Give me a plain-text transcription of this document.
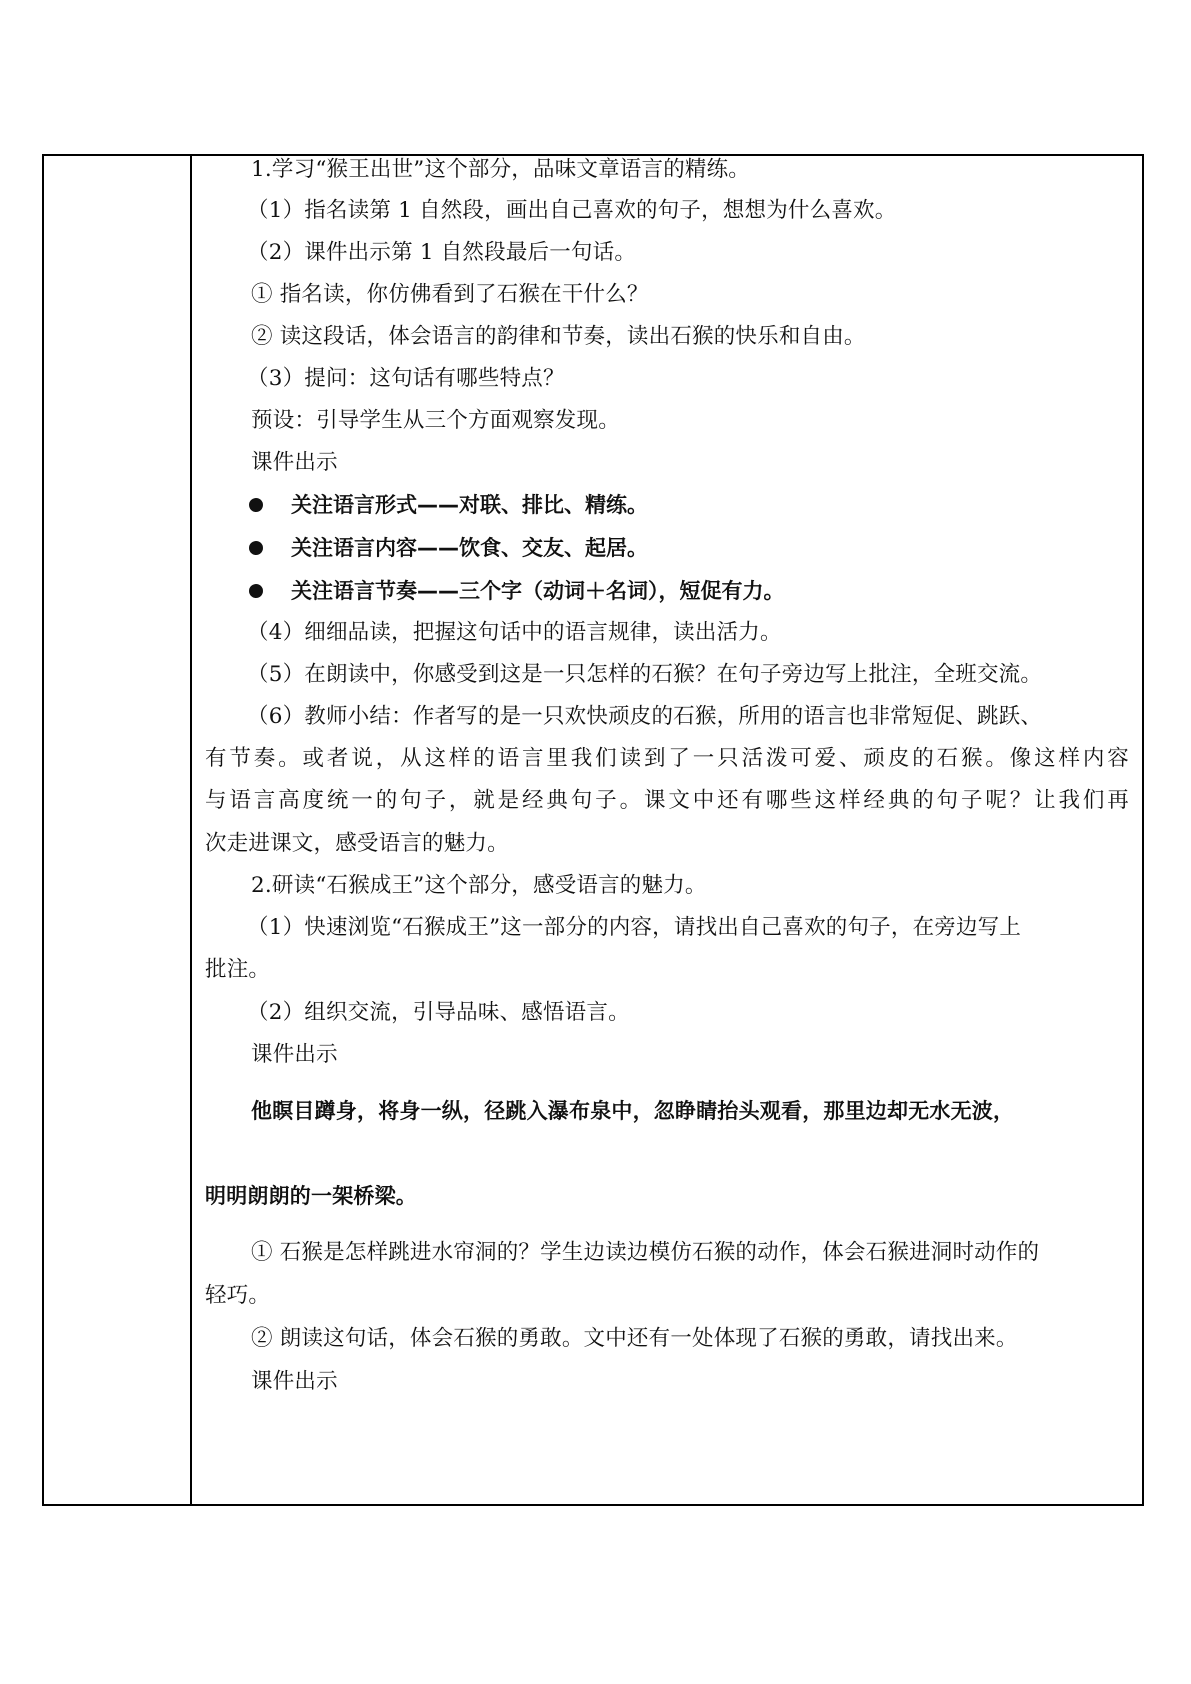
1.学习“猴王出世”这个部分，品味文章语言的精练。
（1）指名读第 1 自然段，画出自己喜欢的句子，想想为什么喜欢。
（2）课件出示第 1 自然段最后一句话。
① 指名读，你仿佛看到了石猴在干什么？
② 读这段话，体会语言的韵律和节奏，读出石猴的快乐和自由。
（3）提问：这句话有哪些特点？
预设：引导学生从三个方面观察发现。
课件出示
关注语言形式——对联、排比、精练。
关注语言内容——饮食、交友、起居。
关注语言节奏——三个字（动词＋名词），短促有力。
（4）细细品读，把握这句话中的语言规律，读出活力。
（5）在朗读中，你感受到这是一只怎样的石猴？在句子旁边写上批注，全班交流。
（6）教师小结：作者写的是一只欢快顽皮的石猴，所用的语言也非常短促、跳跃、
有节奏。或者说，从这样的语言里我们读到了一只活泼可爱、顽皮的石猴。像这样内容
与语言高度统一的句子，就是经典句子。课文中还有哪些这样经典的句子呢？让我们再
次走进课文，感受语言的魅力。
2.研读“石猴成王”这个部分，感受语言的魅力。
（1）快速浏览“石猴成王”这一部分的内容，请找出自己喜欢的句子，在旁边写上
批注。
（2）组织交流，引导品味、感悟语言。
课件出示
他瞑目蹲身，将身一纵，径跳入瀑布泉中，忽睁睛抬头观看，那里边却无水无波，
明明朗朗的一架桥梁。
① 石猴是怎样跳进水帘洞的？学生边读边模仿石猴的动作，体会石猴进洞时动作的
轻巧。
② 朗读这句话，体会石猴的勇敢。文中还有一处体现了石猴的勇敢，请找出来。
课件出示
